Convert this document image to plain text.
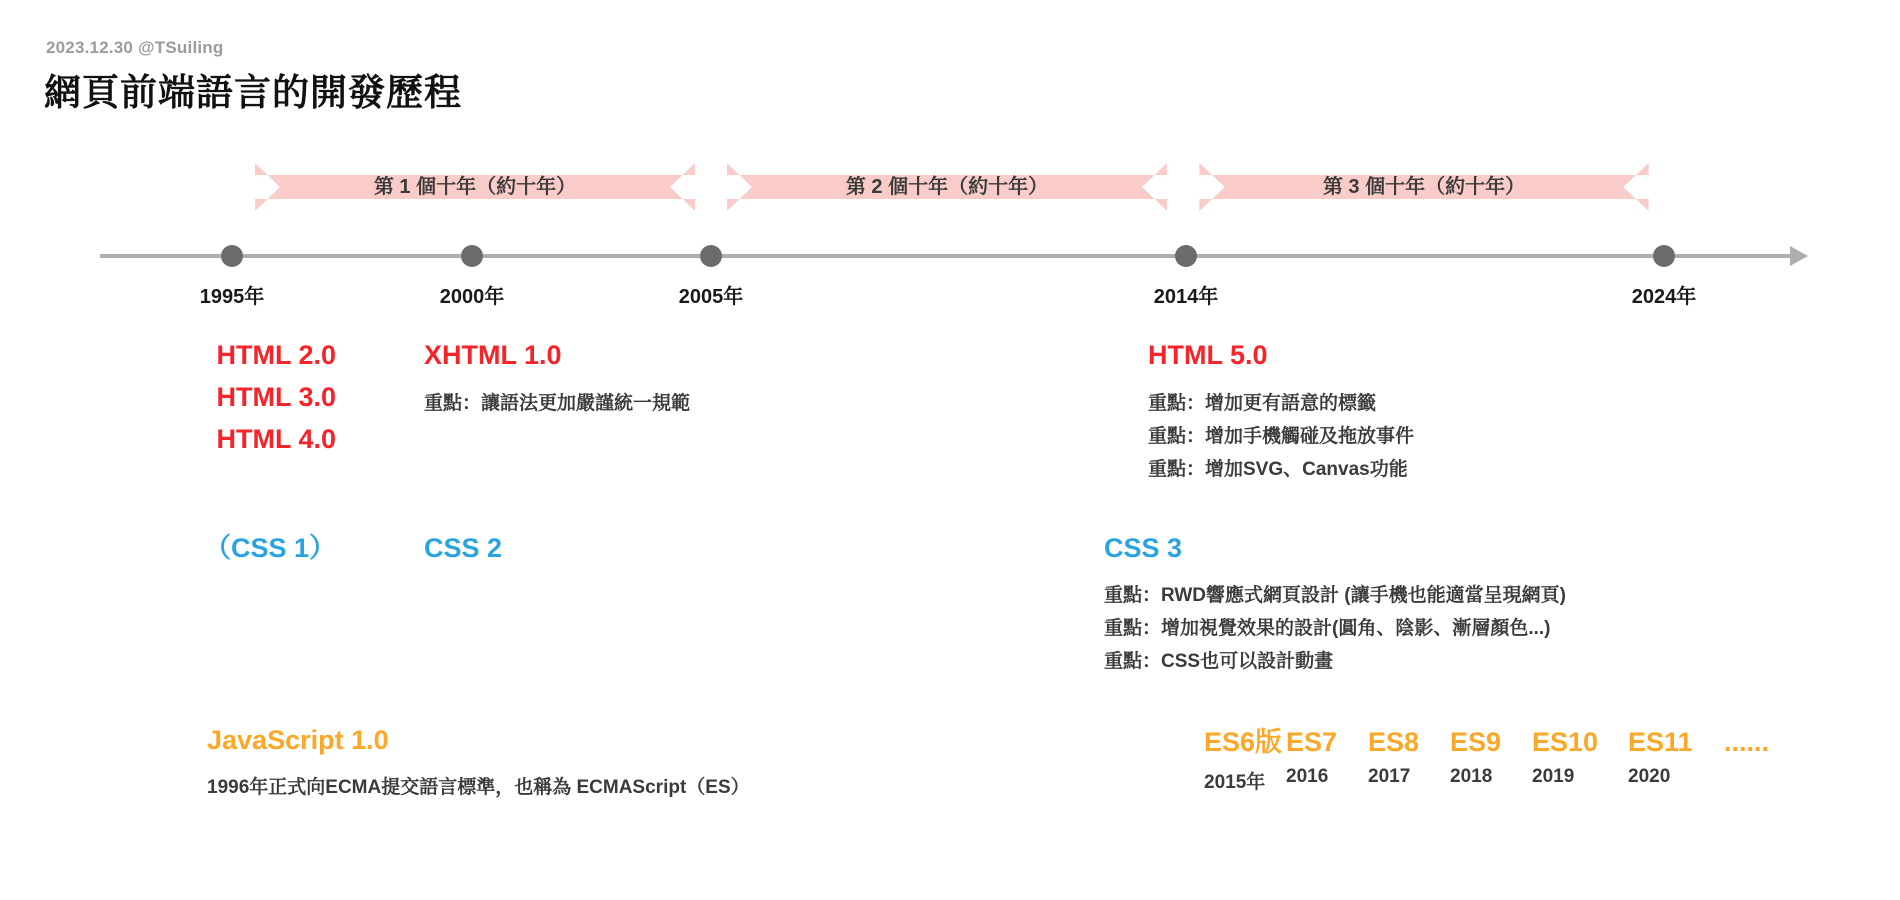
2023.12.30 @TSuiling
網頁前端語言的開發歷程
第 1 個十年（約十年）	第 2 個十年（約十年）	第 3 個十年（約十年）
1995年	2000年	2005年	2014年	2024年
HTML 2.0
HTML 3.0
HTML 4.0
XHTML 1.0
重點：讓語法更加嚴謹統一規範
HTML 5.0
重點：增加更有語意的標籤
重點：增加手機觸碰及拖放事件
重點：增加SVG、Canvas功能
（CSS 1）	CSS 2	CSS 3
重點：RWD響應式網頁設計 (讓手機也能適當呈現網頁)
重點：增加視覺效果的設計(圓角、陰影、漸層顏色...)
重點：CSS也可以設計動畫
JavaScript 1.0
1996年正式向ECMA提交語言標準，也稱為 ECMAScript（ES）
ES6版
2015年
ES7
2016
ES8
2017
ES9
2018
ES10
2019
ES11
2020
......
